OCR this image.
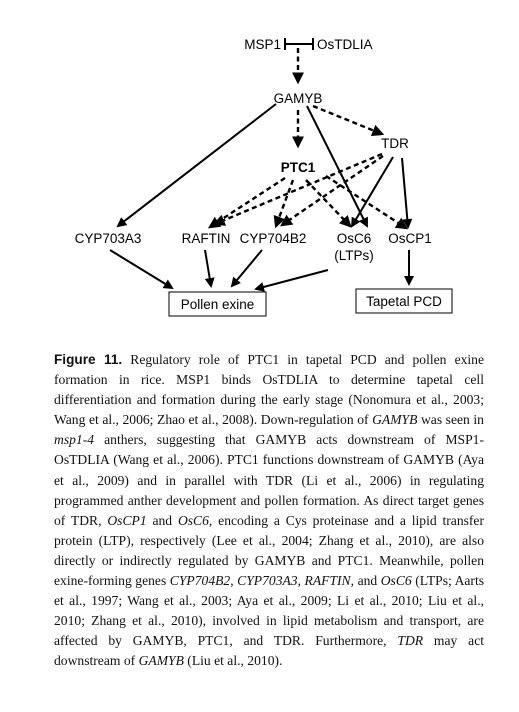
MSP1	OsTDLIA
GAMYB
TDR
PTC1
CYP703A3	RAFTIN CYP704B2 OsC6
(LTPs)
OsCP1
Pollen exine	Tapetal PCD

Figure 11. Regulatory role of PTC1 in tapetal PCD and pollen exine formation in rice. MSP1 binds OsTDLIA to determine tapetal cell differentiation and formation during the early stage (Nonomura et al., 2003; Wang et al., 2006; Zhao et al., 2008). Down-regulation of GAMYB was seen in msp1-4 anthers, suggesting that GAMYB acts downstream of MSP1-OsTDLIA (Wang et al., 2006). PTC1 functions downstream of GAMYB (Aya et al., 2009) and in parallel with TDR (Li et al., 2006) in regulating programmed anther development and pollen formation. As direct target genes of TDR, OsCP1 and OsC6, encoding a Cys proteinase and a lipid transfer protein (LTP), respectively (Lee et al., 2004; Zhang et al., 2010), are also directly or indirectly regulated by GAMYB and PTC1. Meanwhile, pollen exine-forming genes CYP704B2, CYP703A3, RAFTIN, and OsC6 (LTPs; Aarts et al., 1997; Wang et al., 2003; Aya et al., 2009; Li et al., 2010; Liu et al., 2010; Zhang et al., 2010), involved in lipid metabolism and transport, are affected by GAMYB, PTC1, and TDR. Furthermore, TDR may act downstream of GAMYB (Liu et al., 2010).
